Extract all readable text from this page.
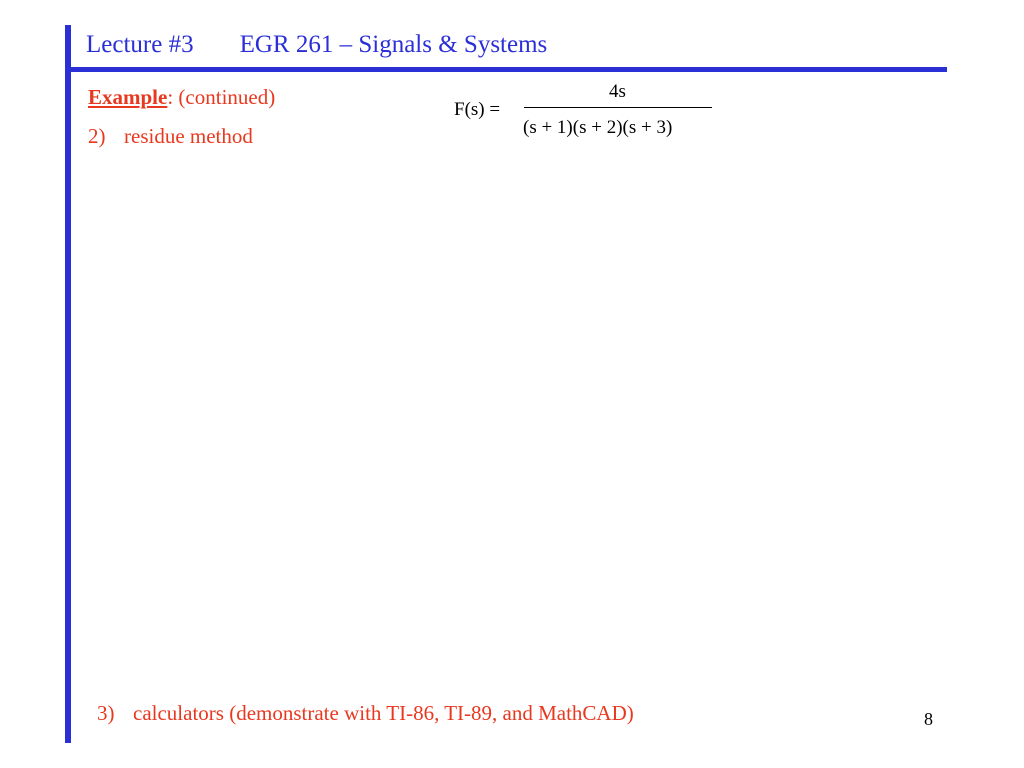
Lecture #3 EGR 261 – Signals & Systems
Example: (continued)
2) residue method
F(s) =
4s
(s + 1)(s + 2)(s + 3)
3) calculators (demonstrate with TI-86, TI-89, and MathCAD)	8
